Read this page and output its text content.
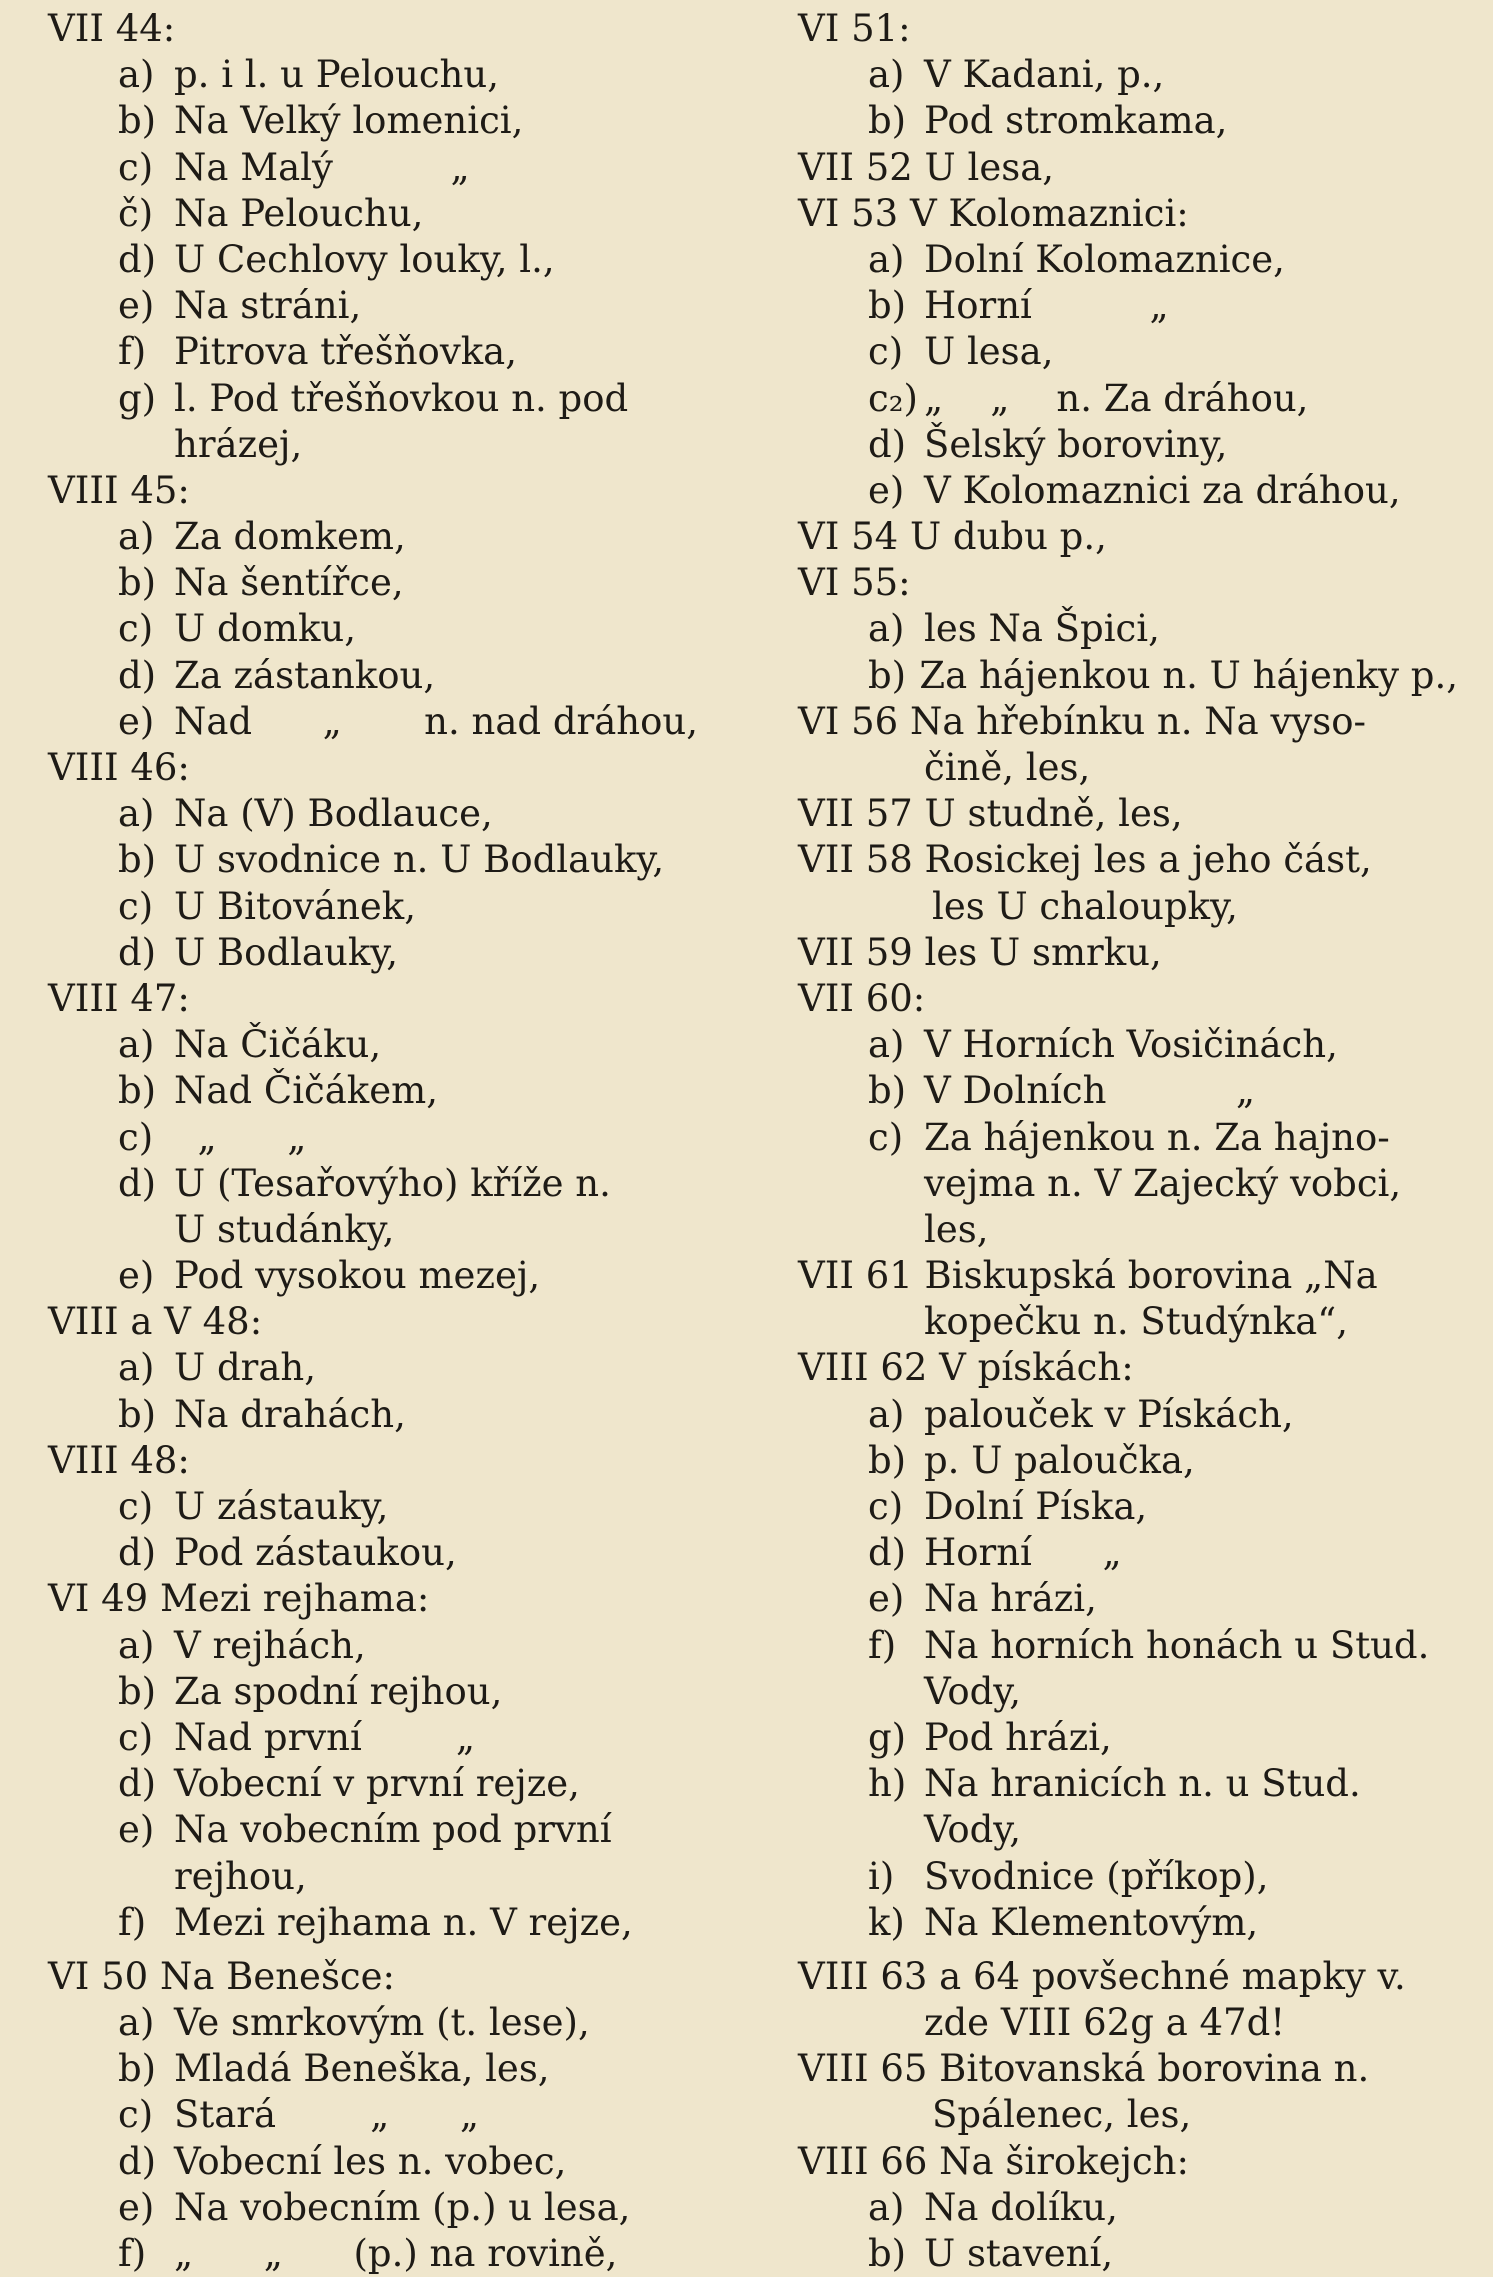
VII 44:
a) p. i l. u Pelouchu,
b) Na Velký lomenici,
c) Na Malý          „
č) Na Pelouchu,
d) U Cechlovy louky, l.,
e) Na stráni,
f) Pitrova třešňovka,
g) l. Pod třešňovkou n. pod
hrázej,
VIII 45:
a) Za domkem,
b) Na šentířce,
c) U domku,
d) Za zástankou,
e) Nad      „       n. nad dráhou,
VIII 46:
a) Na (V) Bodlauce,
b) U svodnice n. U Bodlauky,
c) U Bitovánek,
d) U Bodlauky,
VIII 47:
a) Na Čičáku,
b) Nad Čičákem,
c) „      „
d) U (Tesařovýho) kříže n.
U studánky,
e) Pod vysokou mezej,
VIII a V 48:
a) U drah,
b) Na drahách,
VIII 48:
c) U zástauky,
d) Pod zástaukou,
VI 49 Mezi rejhama:
a) V rejhách,
b) Za spodní rejhou,
c) Nad první        „
d) Vobecní v první rejze,
e) Na vobecním pod první
rejhou,
f) Mezi rejhama n. V rejze,
VI 50 Na Benešce:
a) Ve smrkovým (t. lese),
b) Mladá Beneška, les,
c) Stará        „      „
d) Vobecní les n. vobec,
e) Na vobecním (p.) u lesa,
f) „      „      (p.) na rovině,
VI 51:
a) V Kadani, p.,
b) Pod stromkama,
VII 52 U lesa,
VI 53 V Kolomaznici:
a) Dolní Kolomaznice,
b) Horní          „
c) U lesa,
c₂) „    „    n. Za dráhou,
d) Šelský boroviny,
e) V Kolomaznici za dráhou,
VI 54 U dubu p.,
VI 55:
a) les Na Špici,
b) Za hájenkou n. U hájenky p.,
VI 56 Na hřebínku n. Na vyso-
čině, les,
VII 57 U studně, les,
VII 58 Rosickej les a jeho část,
les U chaloupky,
VII 59 les U smrku,
VII 60:
a) V Horních Vosičinách,
b) V Dolních           „
c) Za hájenkou n. Za hajno-
vejma n. V Zajecký vobci,
les,
VII 61 Biskupská borovina „Na
kopečku n. Studýnka“,
VIII 62 V pískách:
a) palouček v Pískách,
b) p. U palоučka,
c) Dolní Píska,
d) Horní      „
e) Na hrázi,
f) Na horních honách u Stud.
Vody,
g) Pod hrázi,
h) Na hranicích n. u Stud.
Vody,
i) Svodnice (příkop),
k) Na Klementovým,
VIII 63 a 64 povšechné mapky v.
zde VIII 62g a 47d!
VIII 65 Bitovanská borovina n.
Spálenec, les,
VIII 66 Na širokejch:
a) Na dolíku,
b) U stavení,
